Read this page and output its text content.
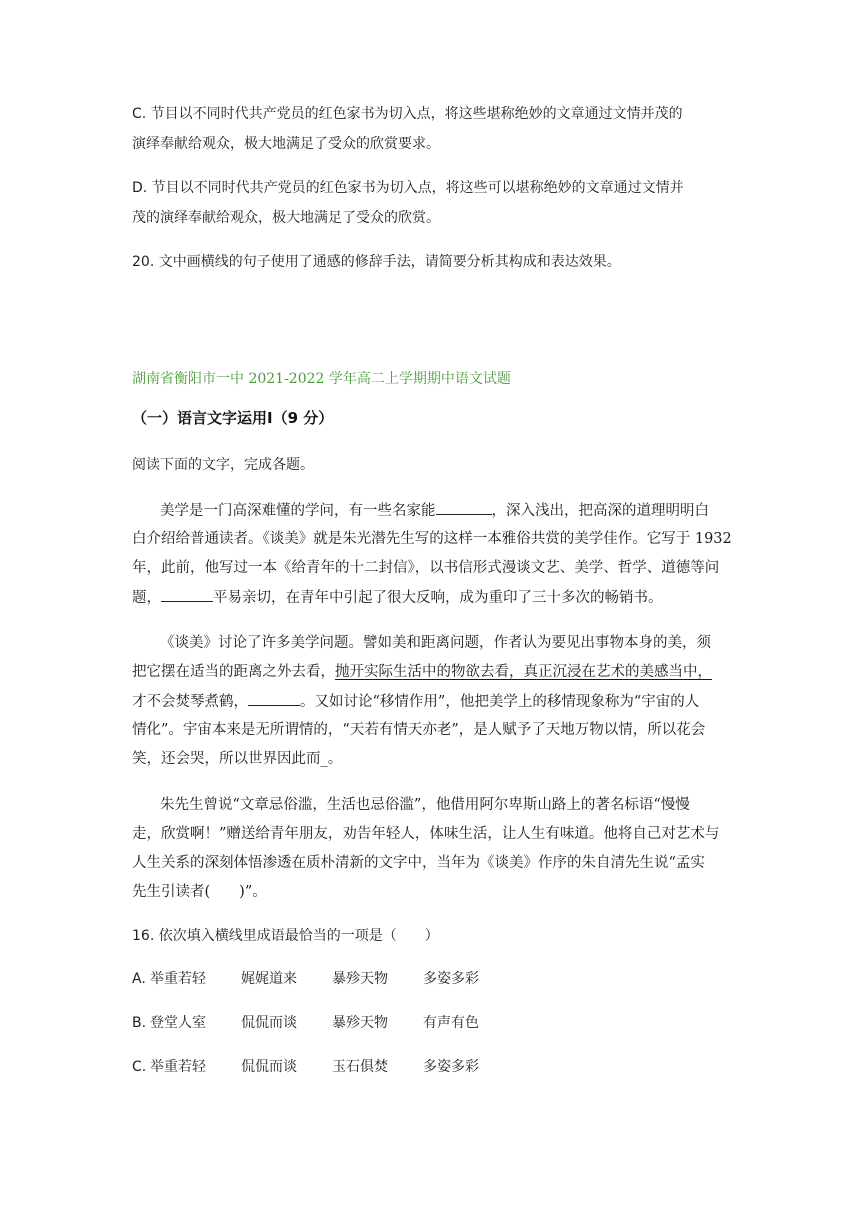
C. 节目以不同时代共产党员的红色家书为切入点，将这些堪称绝妙的文章通过文情并茂的
演绎奉献给观众，极大地满足了受众的欣赏要求。
D. 节目以不同时代共产党员的红色家书为切入点，将这些可以堪称绝妙的文章通过文情并
茂的演绎奉献给观众，极大地满足了受众的欣赏。
20. 文中画横线的句子使用了通感的修辞手法，请简要分析其构成和表达效果。
湖南省衡阳市一中 2021-2022 学年高二上学期期中语文试题
（一）语言文字运用Ⅰ（9 分）
阅读下面的文字，完成各题。
美学是一门高深难懂的学问，有一些名家能	，深入浅出，把高深的道理明明白
白介绍给普通读者。《谈美》就是朱光潜先生写的这样一本雅俗共赏的美学佳作。它写于 1932
年，此前，他写过一本《给青年的十二封信》，以书信形式漫谈文艺、美学、哲学、道德等问
题，	平易亲切，在青年中引起了很大反响，成为重印了三十多次的畅销书。
《谈美》讨论了许多美学问题。譬如美和距离问题，作者认为要见出事物本身的美，须
把它摆在适当的距离之外去看，抛开实际生活中的物欲去看，真正沉浸在艺术的美感当中，
才不会焚琴煮鹤，	。又如讨论“移情作用”，他把美学上的移情现象称为“宇宙的人
情化”。宇宙本来是无所谓情的，“天若有情天亦老”，是人赋予了天地万物以情，所以花会
笑，还会哭，所以世界因此而_。
朱先生曾说“文章忌俗滥，生活也忌俗滥”，他借用阿尔卑斯山路上的著名标语“慢慢
走，欣赏啊！”赠送给青年朋友，劝告年轻人，体味生活，让人生有味道。他将自己对艺术与
人生关系的深刻体悟渗透在质朴清新的文字中，当年为《谈美》作序的朱自清先生说“孟实
先生引读者(　　)”。
16. 依次填入横线里成语最恰当的一项是（　　）
A. 举重若轻	娓娓道来	暴殄天物	多姿多彩
B. 登堂人室	侃侃而谈	暴殄天物	有声有色
C. 举重若轻	侃侃而谈	玉石俱焚	多姿多彩
